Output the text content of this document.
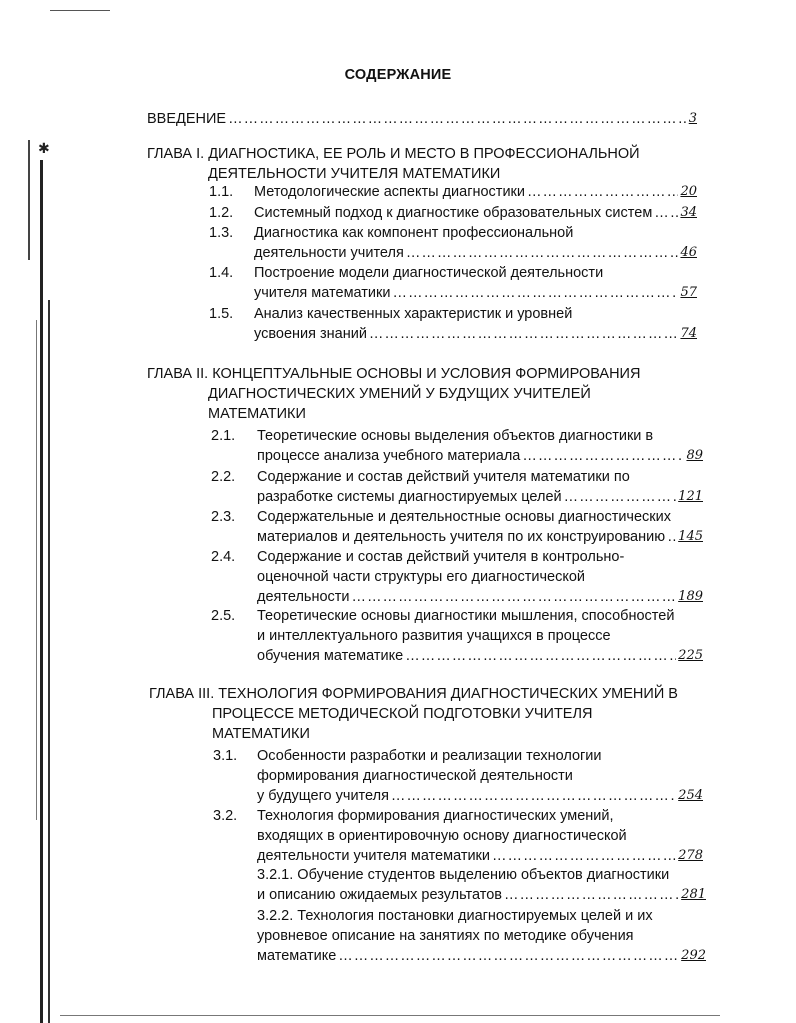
✱
СОДЕРЖАНИЕ
ВВЕДЕНИЕ …………………………………………………………………………………………………………………………………………………	3
ГЛАВА I. ДИАГНОСТИКА, ЕЕ РОЛЬ И МЕСТО В ПРОФЕССИОНАЛЬНОЙ
ДЕЯТЕЛЬНОСТИ УЧИТЕЛЯ МАТЕМАТИКИ
1.1. Методологические аспекты диагностики …………………………………………………………………………………………………………………………………………………	20
1.2. Системный подход к диагностике образовательных систем ………………………………………………………………………………………………………………………………………………… 34
1.3. Диагностика как компонент профессиональной
деятельности учителя …………………………………………………………………………………………………………………………………………………	46
1.4. Построение модели диагностической деятельности
учителя математики …………………………………………………………………………………………………………………………………………………	57
1.5. Анализ качественных характеристик и уровней
усвоения знаний …………………………………………………………………………………………………………………………………………………	74
ГЛАВА II. КОНЦЕПТУАЛЬНЫЕ ОСНОВЫ И УСЛОВИЯ ФОРМИРОВАНИЯ
ДИАГНОСТИЧЕСКИХ УМЕНИЙ У БУДУЩИХ УЧИТЕЛЕЙ
МАТЕМАТИКИ
2.1. Теоретические основы выделения объектов диагностики в
процессе анализа учебного материала …………………………………………………………………………………………………………………………………………………	89
2.2. Содержание и состав действий учителя математики по
разработке системы диагностируемых целей …………………………………………………………………………………………………………………………………………………	121
2.3. Содержательные и деятельностные основы диагностических
материалов и деятельность учителя по их конструированию ………………………………………………………………………………………………………………………………………………… 145
2.4. Содержание и состав действий учителя в контрольно-
оценочной части структуры его диагностической
деятельности …………………………………………………………………………………………………………………………………………………	189
2.5. Теоретические основы диагностики мышления, способностей
и интеллектуального развития учащихся в процессе
обучения математике …………………………………………………………………………………………………………………………………………………	225
ГЛАВА III. ТЕХНОЛОГИЯ ФОРМИРОВАНИЯ ДИАГНОСТИЧЕСКИХ УМЕНИЙ В
ПРОЦЕССЕ МЕТОДИЧЕСКОЙ ПОДГОТОВКИ УЧИТЕЛЯ
МАТЕМАТИКИ
3.1. Особенности разработки и реализации технологии
формирования диагностической деятельности
у будущего учителя …………………………………………………………………………………………………………………………………………………	254
3.2. Технология формирования диагностических умений,
входящих в ориентировочную основу диагностической
деятельности учителя математики …………………………………………………………………………………………………………………………………………………	278
3.2.1. Обучение студентов выделению объектов диагностики
и описанию ожидаемых результатов …………………………………………………………………………………………………………………………………………………	281
3.2.2. Технология постановки диагностируемых целей и их
уровневое описание на занятиях по методике обучения
математике …………………………………………………………………………………………………………………………………………………	292
